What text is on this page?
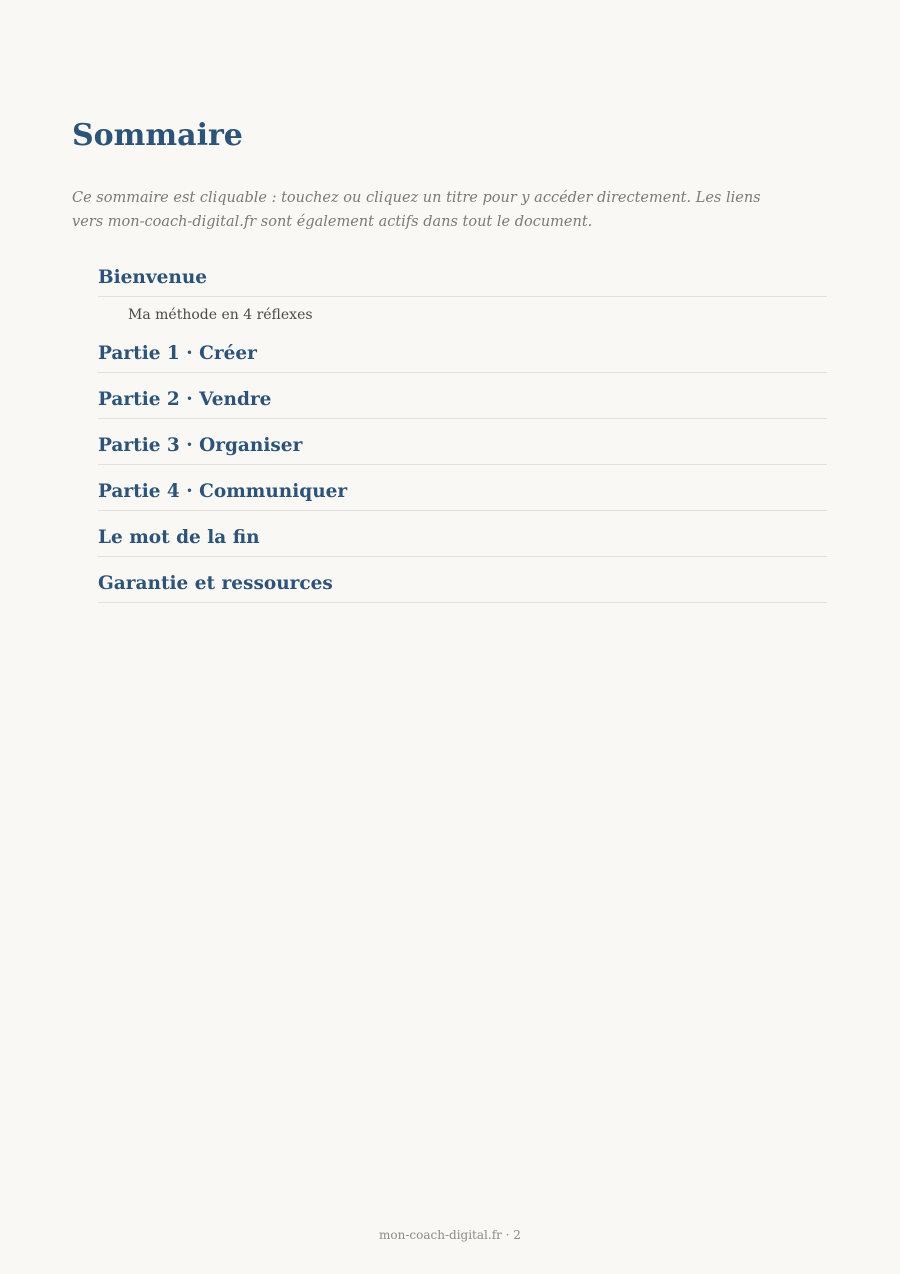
Sommaire

Ce sommaire est cliquable : touchez ou cliquez un titre pour y accéder directement. Les liens vers mon-coach-digital.fr sont également actifs dans tout le document.

Bienvenue
Ma méthode en 4 réflexes
Partie 1 · Créer
Partie 2 · Vendre
Partie 3 · Organiser
Partie 4 · Communiquer
Le mot de la fin
Garantie et ressources
mon-coach-digital.fr · 2
